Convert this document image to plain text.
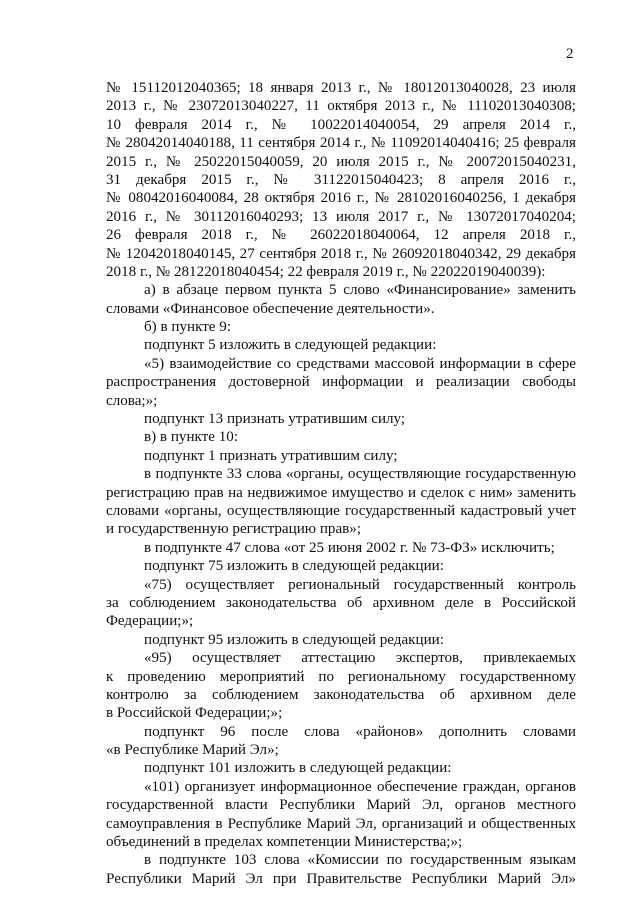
2
№ 15112012040365; 18 января 2013 г., № 18012013040028, 23 июля
2013 г., № 23072013040227, 11 октября 2013 г., № 11102013040308;
10 февраля 2014 г., № 10022014040054, 29 апреля 2014 г.,
№ 28042014040188, 11 сентября 2014 г., № 11092014040416; 25 февраля
2015 г., № 25022015040059, 20 июля 2015 г., № 20072015040231,
31 декабря 2015 г., № 31122015040423; 8 апреля 2016 г.,
№ 08042016040084, 28 октября 2016 г., № 28102016040256, 1 декабря
2016 г., № 30112016040293; 13 июля 2017 г., № 13072017040204;
26 февраля 2018 г., № 26022018040064, 12 апреля 2018 г.,
№ 12042018040145, 27 сентября 2018 г., № 26092018040342, 29 декабря
2018 г., № 28122018040454; 22 февраля 2019 г., № 22022019040039):
а) в абзаце первом пункта 5 слово «Финансирование» заменить
словами «Финансовое обеспечение деятельности».
б) в пункте 9:
подпункт 5 изложить в следующей редакции:
«5) взаимодействие со средствами массовой информации в сфере
распространения достоверной информации и реализации свободы
слова;»;
подпункт 13 признать утратившим силу;
в) в пункте 10:
подпункт 1 признать утратившим силу;
в подпункте 33 слова «органы, осуществляющие государственную
регистрацию прав на недвижимое имущество и сделок с ним» заменить
словами «органы, осуществляющие государственный кадастровый учет
и государственную регистрацию прав»;
в подпункте 47 слова «от 25 июня 2002 г. № 73-ФЗ» исключить;
подпункт 75 изложить в следующей редакции:
«75) осуществляет региональный государственный контроль
за соблюдением законодательства об архивном деле в Российской
Федерации;»;
подпункт 95 изложить в следующей редакции:
«95) осуществляет аттестацию экспертов, привлекаемых
к проведению мероприятий по региональному государственному
контролю за соблюдением законодательства об архивном деле
в Российской Федерации;»;
подпункт 96 после слова «районов» дополнить словами
«в Республике Марий Эл»;
подпункт 101 изложить в следующей редакции:
«101) организует информационное обеспечение граждан, органов
государственной власти Республики Марий Эл, органов местного
самоуправления в Республике Марий Эл, организаций и общественных
объединений в пределах компетенции Министерства;»;
в подпункте 103 слова «Комиссии по государственным языкам
Республики Марий Эл при Правительстве Республики Марий Эл»
